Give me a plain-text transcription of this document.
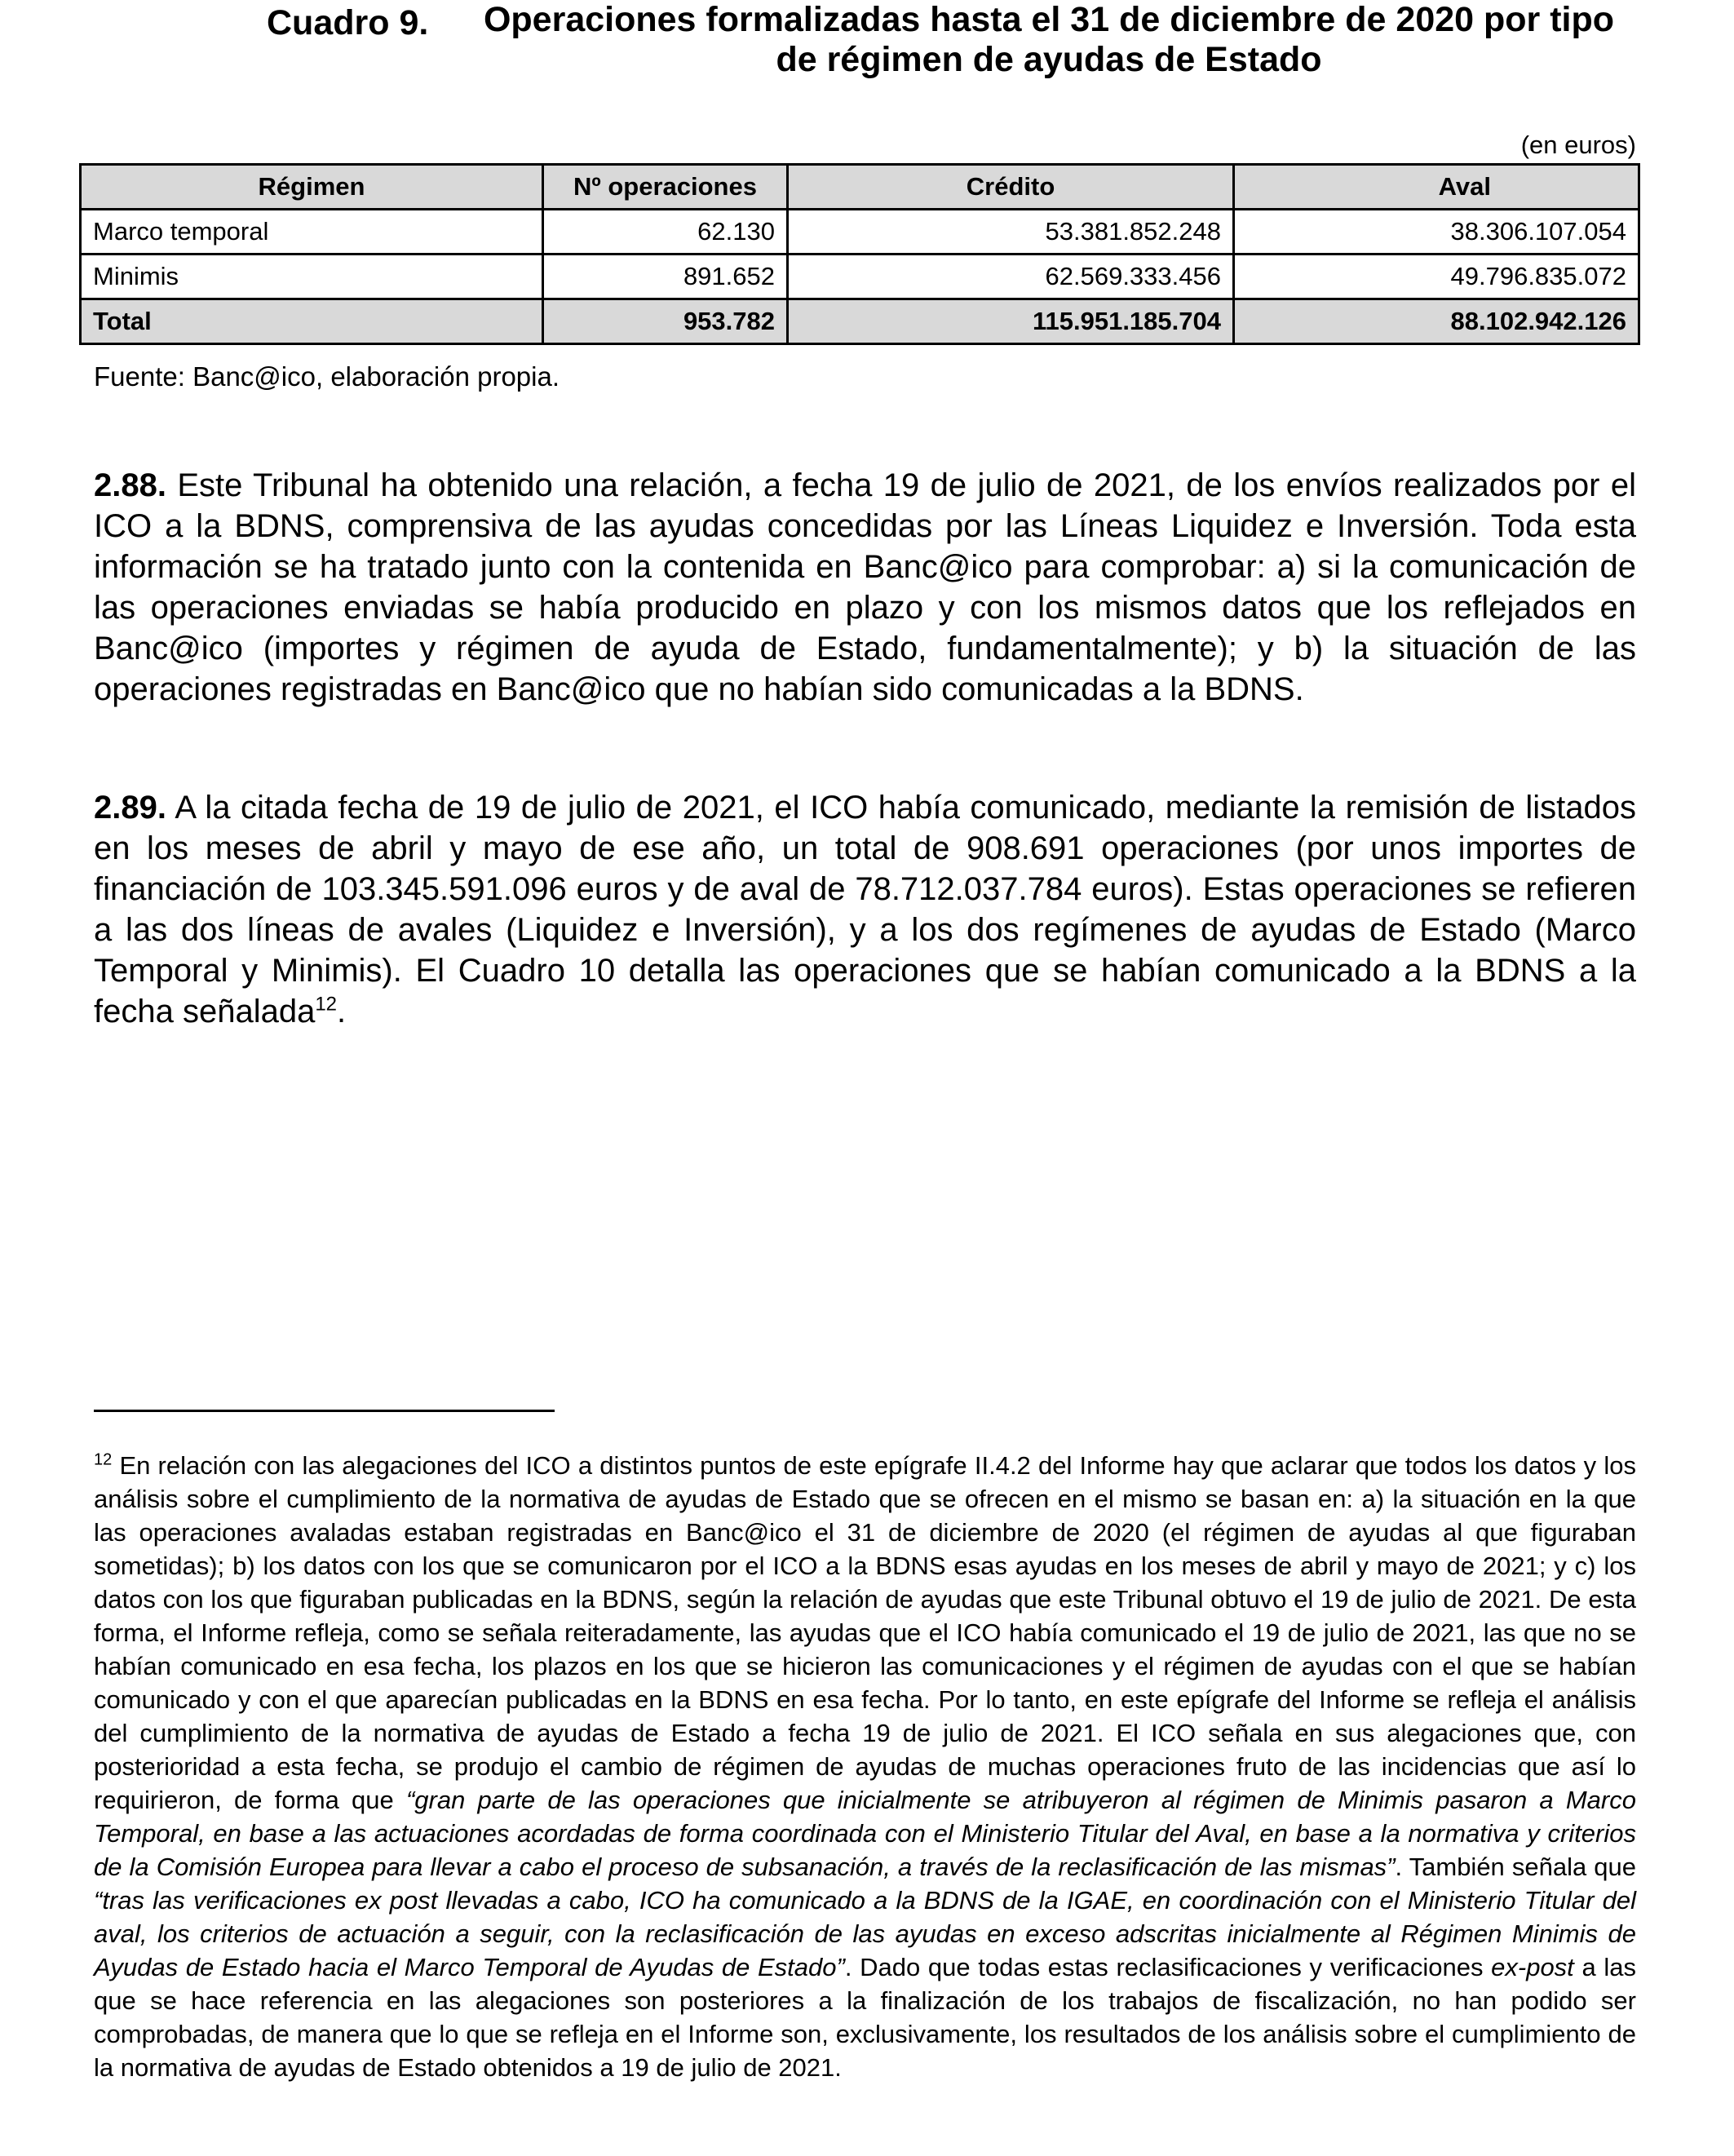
Cuadro 9.	Operaciones formalizadas hasta el 31 de diciembre de 2020 por tipo de régimen de ayudas de Estado
(en euros)
Régimen	Nº operaciones	Crédito	Aval
Marco temporal	62.130	53.381.852.248	38.306.107.054
Minimis	891.652	62.569.333.456	49.796.835.072
Total	953.782	115.951.185.704	88.102.942.126
Fuente: Banc@ico, elaboración propia.

2.88. Este Tribunal ha obtenido una relación, a fecha 19 de julio de 2021, de los envíos realizados por el ICO a la BDNS, comprensiva de las ayudas concedidas por las Líneas Liquidez e Inversión. Toda esta información se ha tratado junto con la contenida en Banc@ico para comprobar: a) si la comunicación de las operaciones enviadas se había producido en plazo y con los mismos datos que los reflejados en Banc@ico (importes y régimen de ayuda de Estado, fundamentalmente); y b) la situación de las operaciones registradas en Banc@ico que no habían sido comunicadas a la BDNS.

2.89. A la citada fecha de 19 de julio de 2021, el ICO había comunicado, mediante la remisión de listados en los meses de abril y mayo de ese año, un total de 908.691 operaciones (por unos importes de financiación de 103.345.591.096 euros y de aval de 78.712.037.784 euros). Estas operaciones se refieren a las dos líneas de avales (Liquidez e Inversión), y a los dos regímenes de ayudas de Estado (Marco Temporal y Minimis). El Cuadro 10 detalla las operaciones que se habían comunicado a la BDNS a la fecha señalada$^{12}$.

$^{12}$ En relación con las alegaciones del ICO a distintos puntos de este epígrafe II.4.2 del Informe hay que aclarar que todos los datos y los análisis sobre el cumplimiento de la normativa de ayudas de Estado que se ofrecen en el mismo se basan en: a) la situación en la que las operaciones avaladas estaban registradas en Banc@ico el 31 de diciembre de 2020 (el régimen de ayudas al que figuraban sometidas); b) los datos con los que se comunicaron por el ICO a la BDNS esas ayudas en los meses de abril y mayo de 2021; y c) los datos con los que figuraban publicadas en la BDNS, según la relación de ayudas que este Tribunal obtuvo el 19 de julio de 2021. De esta forma, el Informe refleja, como se señala reiteradamente, las ayudas que el ICO había comunicado el 19 de julio de 2021, las que no se habían comunicado en esa fecha, los plazos en los que se hicieron las comunicaciones y el régimen de ayudas con el que se habían comunicado y con el que aparecían publicadas en la BDNS en esa fecha. Por lo tanto, en este epígrafe del Informe se refleja el análisis del cumplimiento de la normativa de ayudas de Estado a fecha 19 de julio de 2021. El ICO señala en sus alegaciones que, con posterioridad a esta fecha, se produjo el cambio de régimen de ayudas de muchas operaciones fruto de las incidencias que así lo requirieron, de forma que “gran parte de las operaciones que inicialmente se atribuyeron al régimen de Minimis pasaron a Marco Temporal, en base a las actuaciones acordadas de forma coordinada con el Ministerio Titular del Aval, en base a la normativa y criterios de la Comisión Europea para llevar a cabo el proceso de subsanación, a través de la reclasificación de las mismas”. También señala que “tras las verificaciones ex post llevadas a cabo, ICO ha comunicado a la BDNS de la IGAE, en coordinación con el Ministerio Titular del aval, los criterios de actuación a seguir, con la reclasificación de las ayudas en exceso adscritas inicialmente al Régimen Minimis de Ayudas de Estado hacia el Marco Temporal de Ayudas de Estado”. Dado que todas estas reclasificaciones y verificaciones ex-post a las que se hace referencia en las alegaciones son posteriores a la finalización de los trabajos de fiscalización, no han podido ser comprobadas, de manera que lo que se refleja en el Informe son, exclusivamente, los resultados de los análisis sobre el cumplimiento de la normativa de ayudas de Estado obtenidos a 19 de julio de 2021.
